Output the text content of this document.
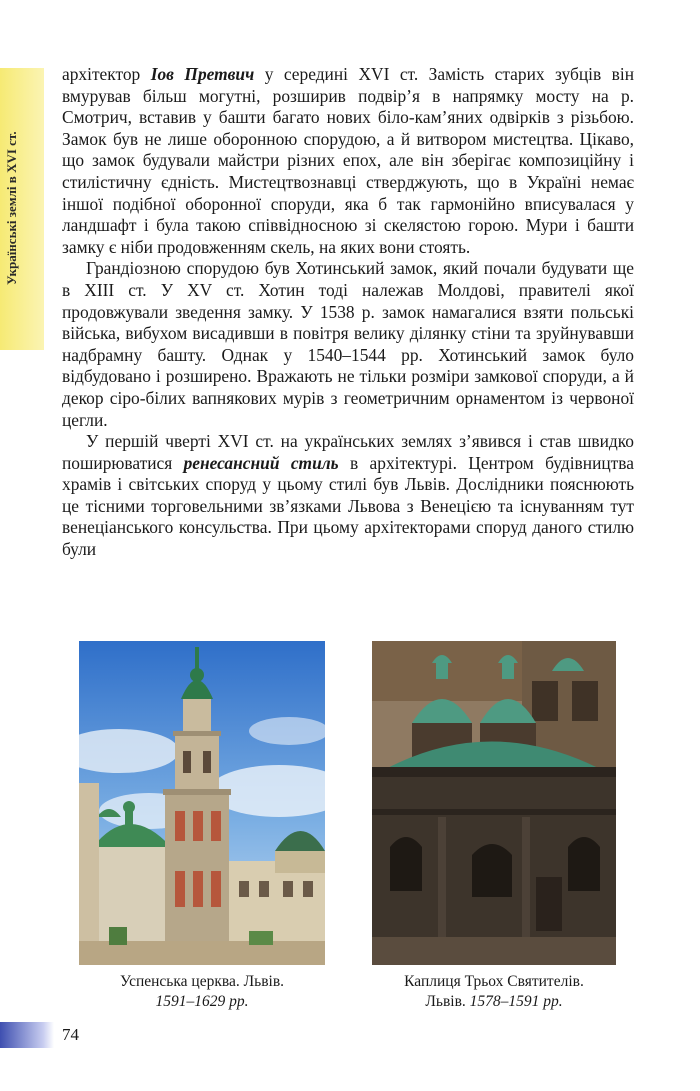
Українські землі в XVI ст.

архітектор Іов Претвич у середині XVI ст. Замість старих зубців він вмурував більш могутні, розширив подвір’я в напрямку мосту на р. Смотрич, вставив у башти багато нових біло-кам’яних одвірків з різьбою. Замок був не лише оборонною спорудою, а й витвором мистецтва. Цікаво, що замок будували майстри різних епох, але він зберігає композиційну і стилістичну єдність. Мистецтвознавці стверджують, що в Україні немає іншої подібної оборонної споруди, яка б так гармонійно вписувалася у ландшафт і була такою співвідносною зі скелястою горою. Мури і башти замку є ніби продовженням скель, на яких вони стоять.

Грандіозною спорудою був Хотинський замок, який почали будувати ще в XIII ст. У XV ст. Хотин тоді належав Молдові, правителі якої продовжували зведення замку. У 1538 р. замок намагалися взяти польські війська, вибухом висадивши в повітря велику ділянку стіни та зруйнувавши надбрамну башту. Однак у 1540–1544 рр. Хотинський замок було відбудовано і розширено. Вражають не тільки розміри замкової споруди, а й декор сіро-білих вапнякових мурів з геометричним орнаментом із червоної цегли.

У першій чверті XVI ст. на українських землях з’явився і став швидко поширюватися ренесансний стиль в архітектурі. Центром будівництва храмів і світських споруд у цьому стилі був Львів. Дослідники пояснюють це тісними торговельними зв’язками Львова з Венецією та існуванням тут венеціанського консульства. При цьому архітекторами споруд даного стилю були

Успенська церква. Львів.
1591–1629 рр.
Каплиця Трьох Святителів.
Львів. 1578–1591 рр.
74
